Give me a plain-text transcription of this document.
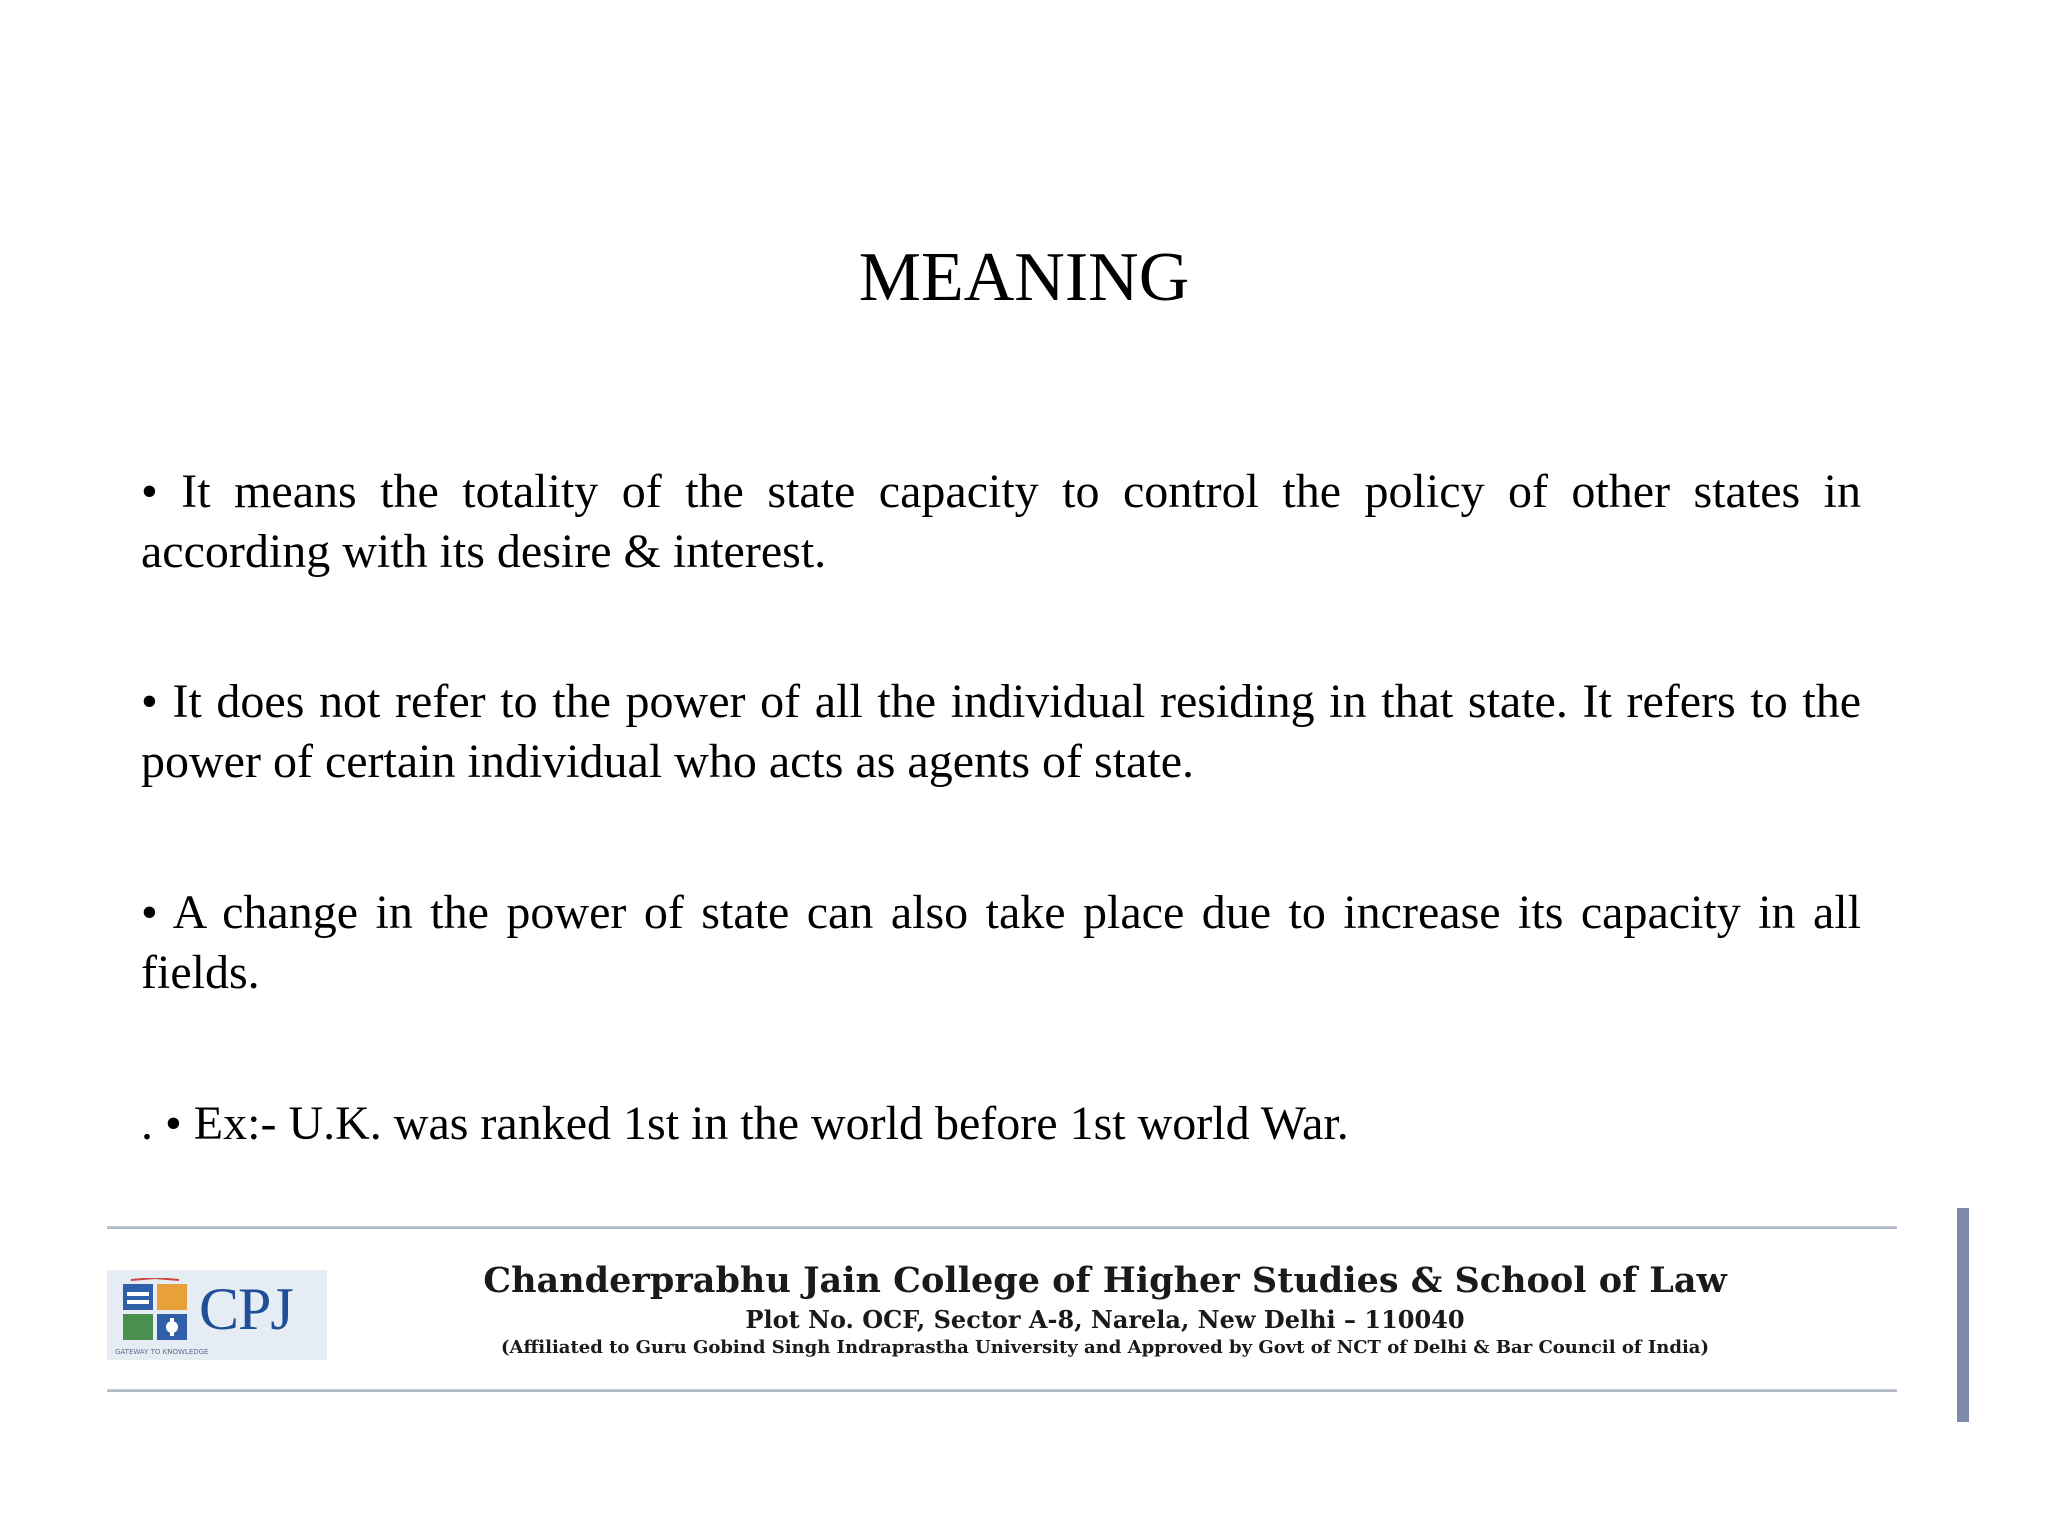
MEANING

• It means the totality of the state capacity to control the policy of other states in according with its desire & interest.

• It does not refer to the power of all the individual residing in that state. It refers to the power of certain individual who acts as agents of state.

• A change in the power of state can also take place due to increase its capacity in all fields.

. • Ex:- U.K. was ranked 1st in the world before 1st world War.

CPJ
GATEWAY TO KNOWLEDGE
Chanderprabhu Jain College of Higher Studies & School of Law
Plot No. OCF, Sector A-8, Narela, New Delhi – 110040
(Affiliated to Guru Gobind Singh Indraprastha University and Approved by Govt of NCT of Delhi & Bar Council of India)
